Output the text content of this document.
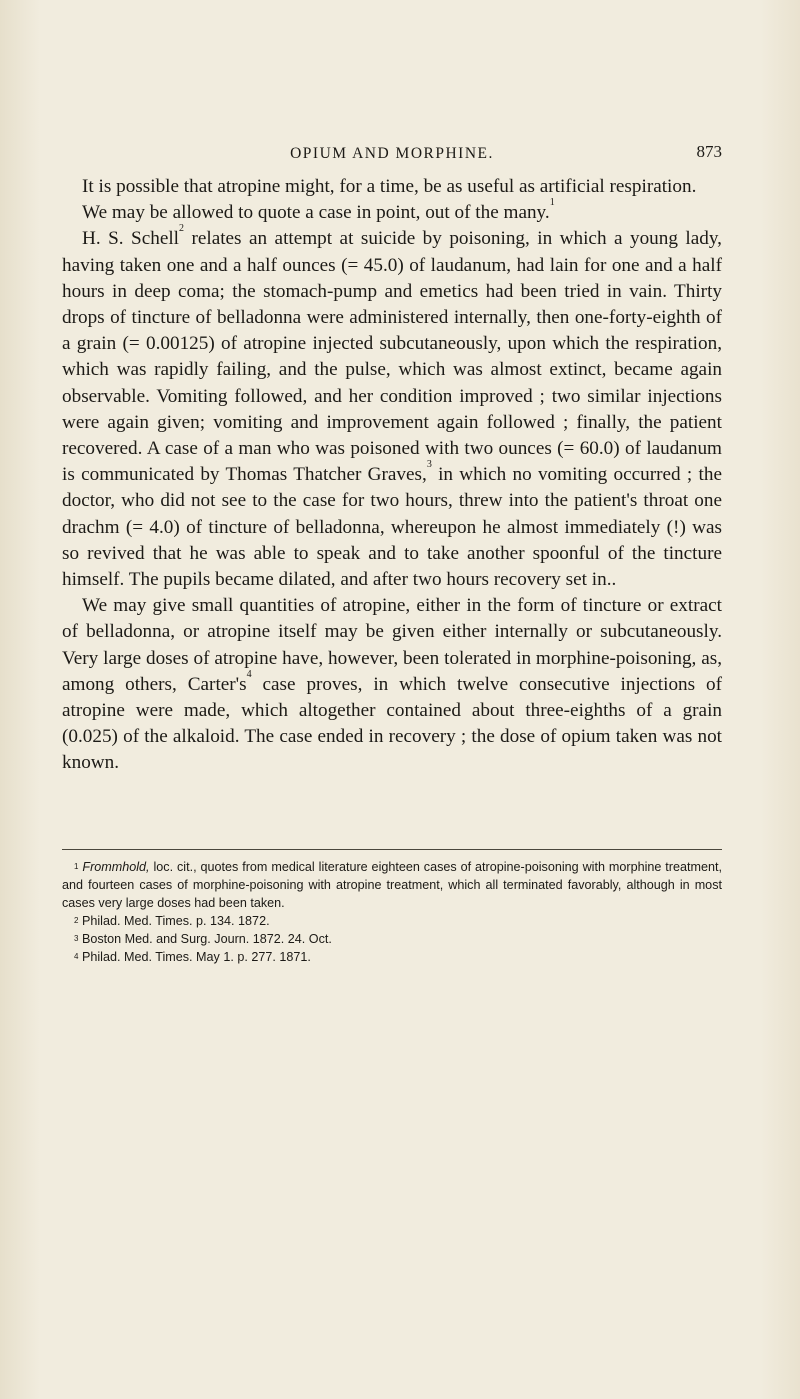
OPIUM AND MORPHINE.	873

It is possible that atropine might, for a time, be as useful as artificial respiration.

We may be allowed to quote a case in point, out of the many.$^1$

H. S. Schell$^2$ relates an attempt at suicide by poisoning, in which a young lady, having taken one and a half ounces (= 45.0) of laudanum, had lain for one and a half hours in deep coma; the stomach-pump and emetics had been tried in vain. Thirty drops of tincture of belladonna were administered internally, then one-forty-eighth of a grain (= 0.00125) of atropine injected subcutaneously, upon which the respiration, which was rapidly failing, and the pulse, which was almost extinct, became again observable. Vomiting followed, and her condition improved ; two similar injections were again given; vomiting and improvement again followed ; finally, the patient recovered. A case of a man who was poisoned with two ounces (= 60.0) of laudanum is communicated by Thomas Thatcher Graves,$^3$ in which no vomiting occurred ; the doctor, who did not see to the case for two hours, threw into the patient's throat one drachm (= 4.0) of tincture of belladonna, whereupon he almost immediately (!) was so revived that he was able to speak and to take another spoonful of the tincture himself. The pupils became dilated, and after two hours recovery set in..

We may give small quantities of atropine, either in the form of tincture or extract of belladonna, or atropine itself may be given either internally or subcutaneously. Very large doses of atropine have, however, been tolerated in morphine-poisoning, as, among others, Carter's$^4$ case proves, in which twelve consecutive injections of atropine were made, which altogether contained about three-eighths of a grain (0.025) of the alkaloid. The case ended in recovery ; the dose of opium taken was not known.

$^1$ Frommhold, loc. cit., quotes from medical literature eighteen cases of atropine-poisoning with morphine treatment, and fourteen cases of morphine-poisoning with atropine treatment, which all terminated favorably, although in most cases very large doses had been taken.

$^2$ Philad. Med. Times. p. 134. 1872.

$^3$ Boston Med. and Surg. Journ. 1872. 24. Oct.

$^4$ Philad. Med. Times. May 1. p. 277. 1871.
